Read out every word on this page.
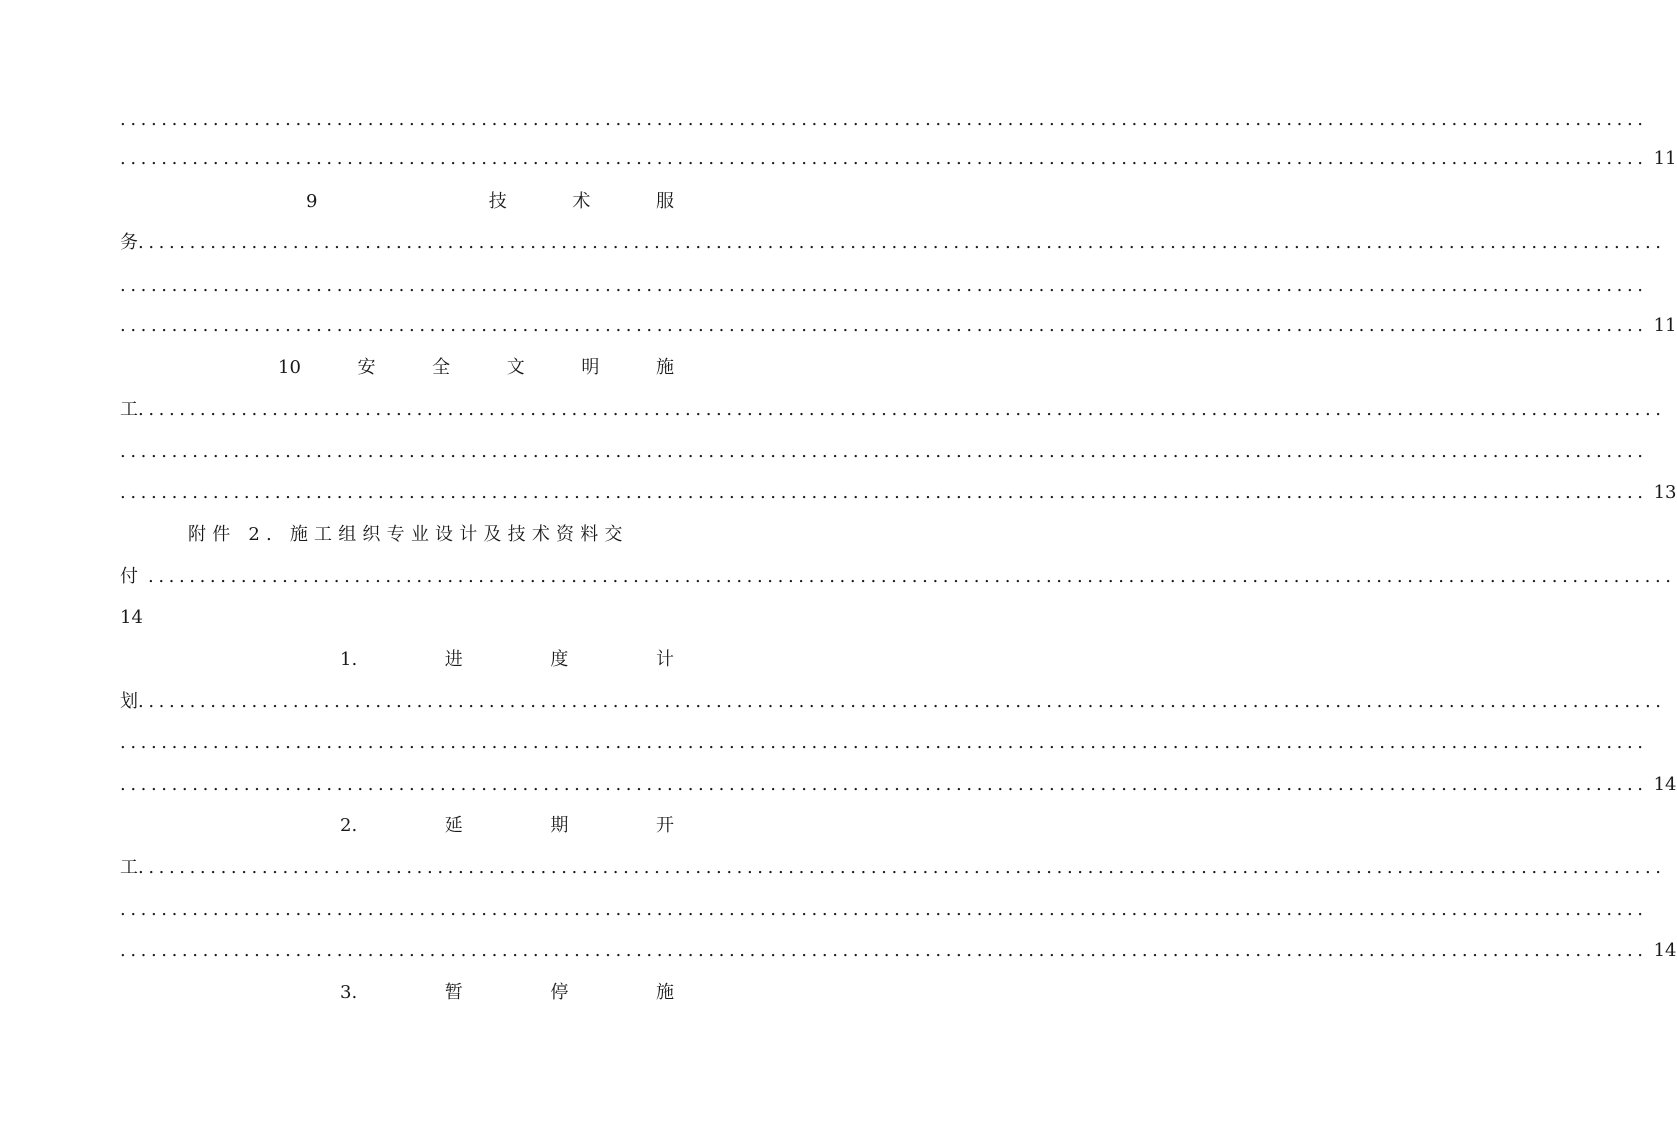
....................................................................................................................................................
.................................................................................................................................................... 11
9	技	术	服
务 ....................................................................................................................................................
....................................................................................................................................................
.................................................................................................................................................... 11
10	安	全	文	明	施
工 ....................................................................................................................................................
....................................................................................................................................................
.................................................................................................................................................... 13
附件 2. 施工组织专业设计及技术资料交
付 ....................................................................................................................................................
14
1.	进	度	计
划 ....................................................................................................................................................
....................................................................................................................................................
.................................................................................................................................................... 14
2.	延	期	开
工 ....................................................................................................................................................
....................................................................................................................................................
.................................................................................................................................................... 14
3.	暂	停	施
